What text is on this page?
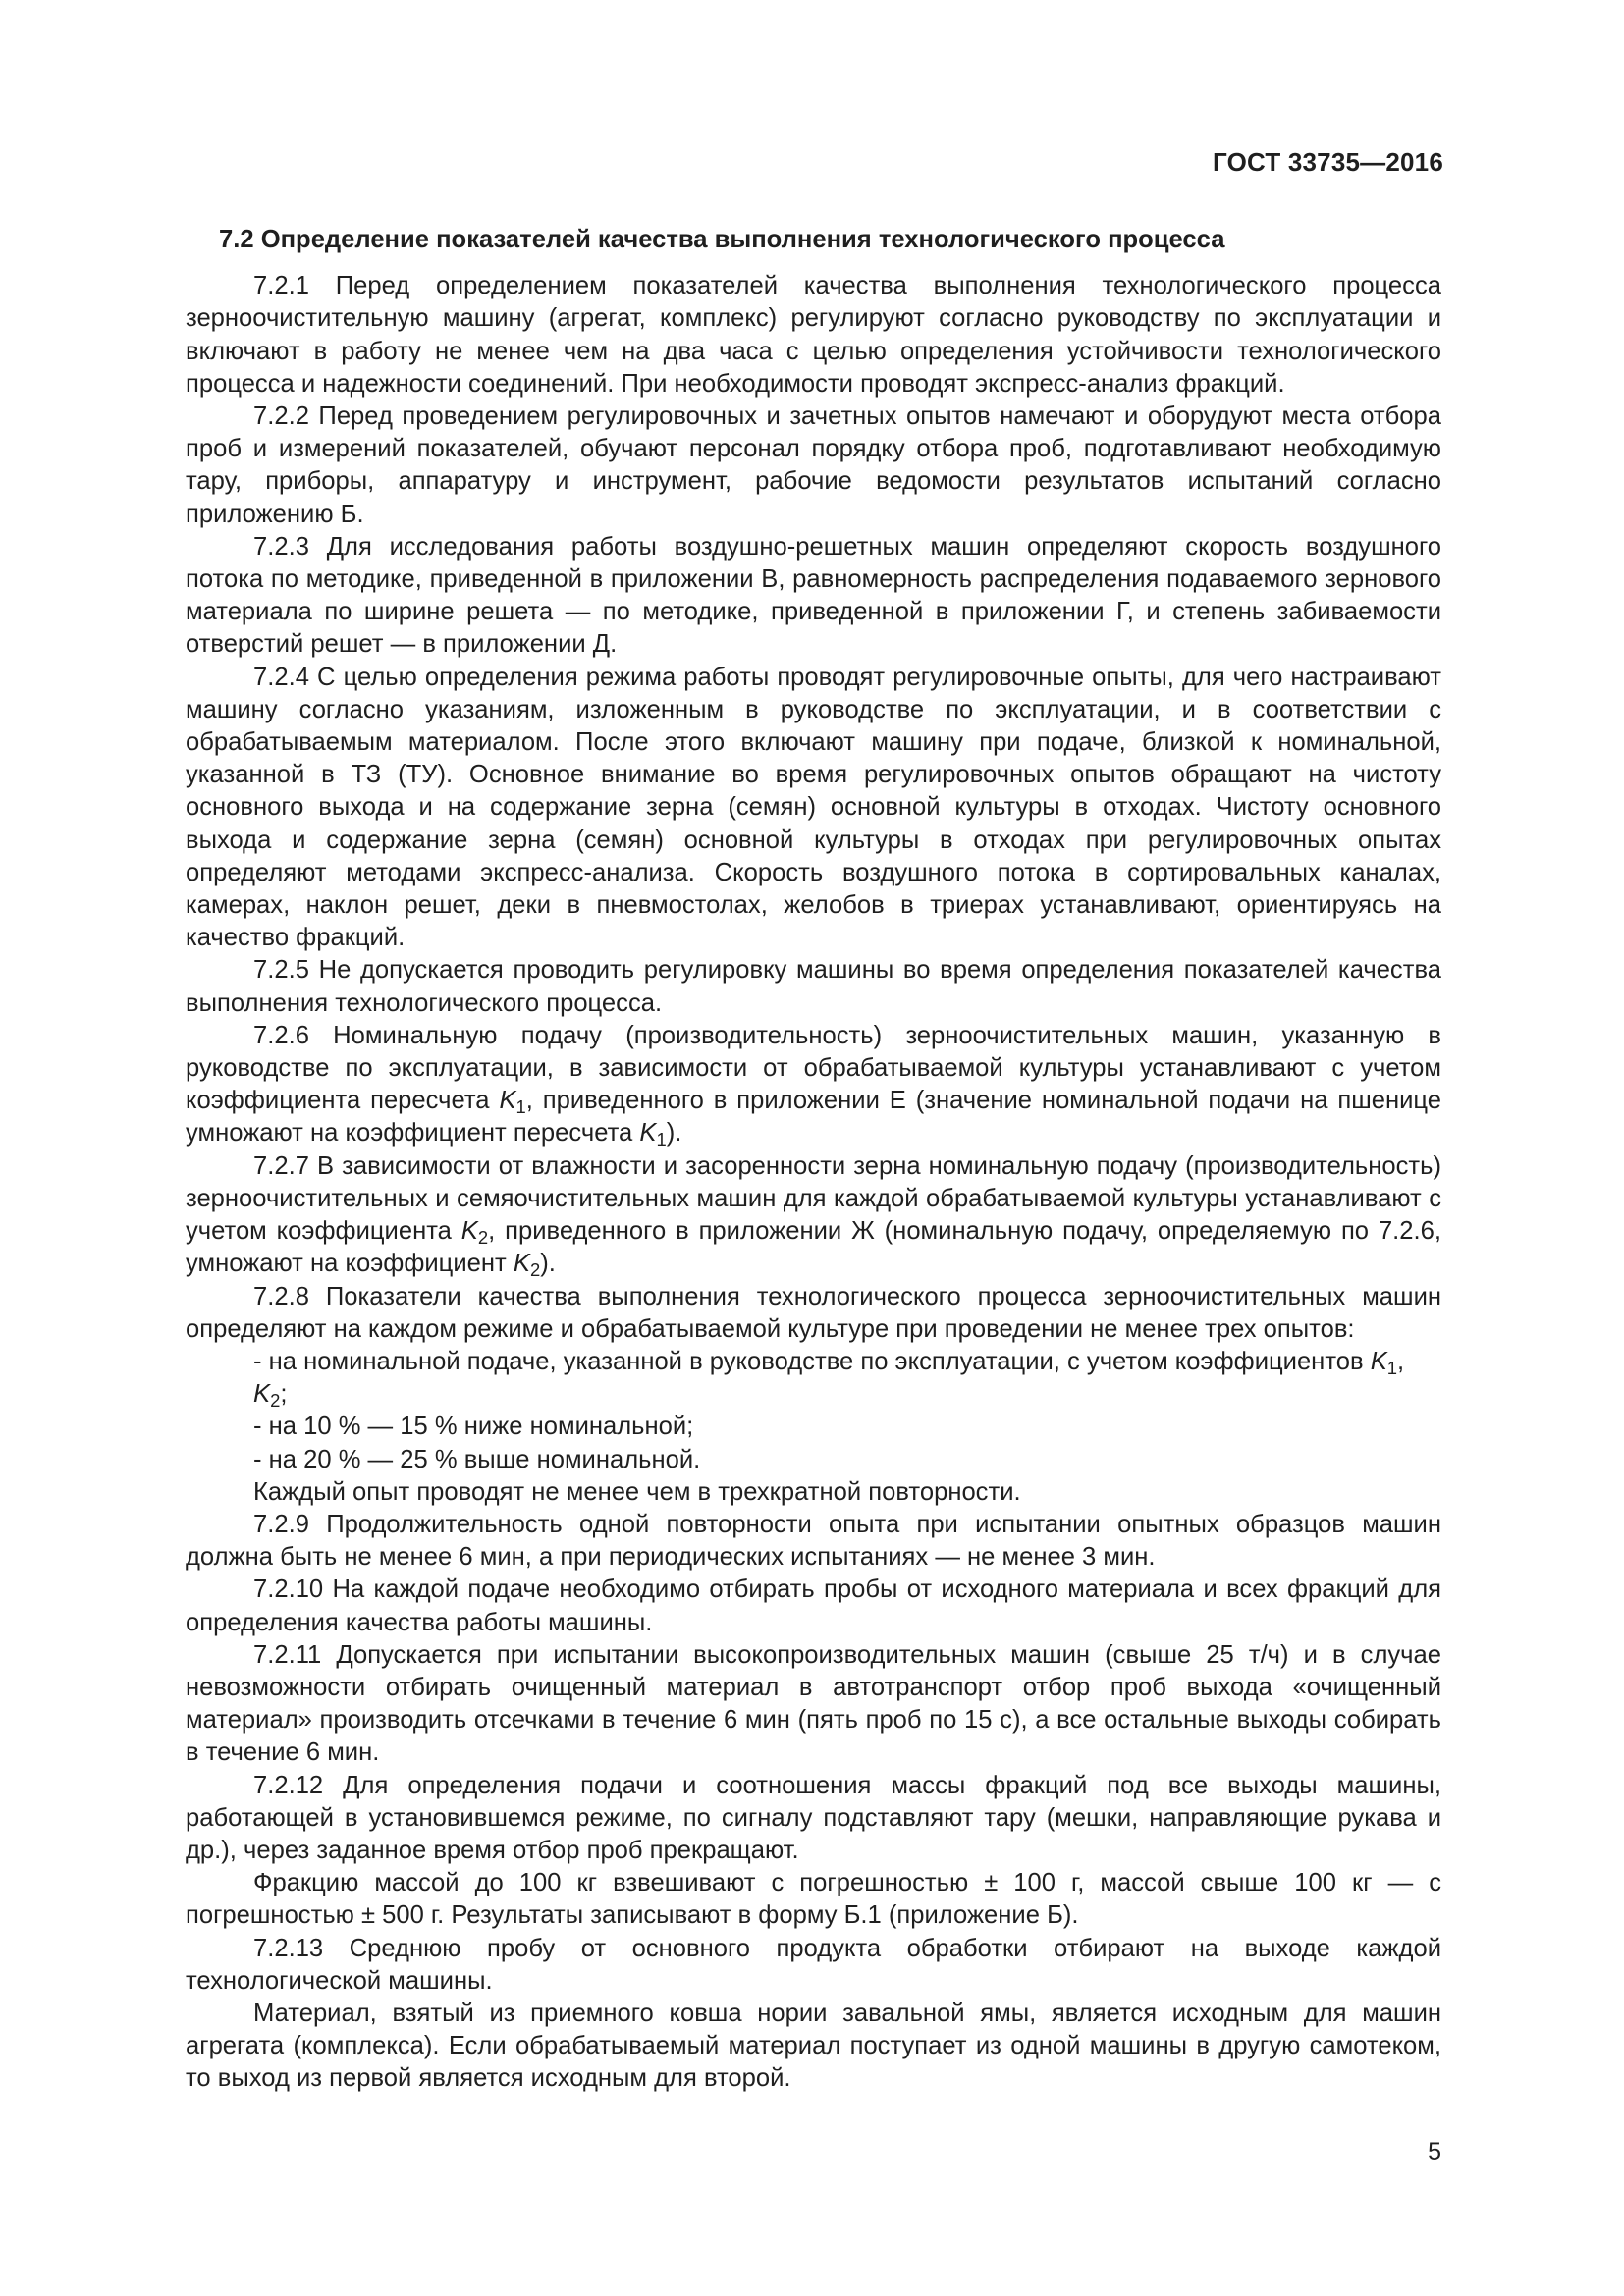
ГОСТ 33735—2016
7.2 Определение показателей качества выполнения технологического процесса

7.2.1 Перед определением показателей качества выполнения технологического процесса зерноочистительную машину (агрегат, комплекс) регулируют согласно руководству по эксплуатации и включают в работу не менее чем на два часа с целью определения устойчивости технологического процесса и надежности соединений. При необходимости проводят экспресс-анализ фракций.

7.2.2 Перед проведением регулировочных и зачетных опытов намечают и оборудуют места отбора проб и измерений показателей, обучают персонал порядку отбора проб, подготавливают необходимую тару, приборы, аппаратуру и инструмент, рабочие ведомости результатов испытаний согласно приложению Б.

7.2.3 Для исследования работы воздушно-решетных машин определяют скорость воздушного потока по методике, приведенной в приложении В, равномерность распределения подаваемого зернового материала по ширине решета — по методике, приведенной в приложении Г, и степень забиваемости отверстий решет — в приложении Д.

7.2.4 С целью определения режима работы проводят регулировочные опыты, для чего настраивают машину согласно указаниям, изложенным в руководстве по эксплуатации, и в соответствии с обрабатываемым материалом. После этого включают машину при подаче, близкой к номинальной, указанной в ТЗ (ТУ). Основное внимание во время регулировочных опытов обращают на чистоту основного выхода и на содержание зерна (семян) основной культуры в отходах. Чистоту основного выхода и содержание зерна (семян) основной культуры в отходах при регулировочных опытах определяют методами экспресс-анализа. Скорость воздушного потока в сортировальных каналах, камерах, наклон решет, деки в пневмостолах, желобов в триерах устанавливают, ориентируясь на качество фракций.

7.2.5 Не допускается проводить регулировку машины во время определения показателей качества выполнения технологического процесса.

7.2.6 Номинальную подачу (производительность) зерноочистительных машин, указанную в руководстве по эксплуатации, в зависимости от обрабатываемой культуры устанавливают с учетом коэффициента пересчета $K_1$, приведенного в приложении Е (значение номинальной подачи на пшенице умножают на коэффициент пересчета $K_1$).

7.2.7 В зависимости от влажности и засоренности зерна номинальную подачу (производительность) зерноочистительных и семяочистительных машин для каждой обрабатываемой культуры устанавливают с учетом коэффициента $K_2$, приведенного в приложении Ж (номинальную подачу, определяемую по 7.2.6, умножают на коэффициент $K_2$).

7.2.8 Показатели качества выполнения технологического процесса зерноочистительных машин определяют на каждом режиме и обрабатываемой культуре при проведении не менее трех опытов:

- на номинальной подаче, указанной в руководстве по эксплуатации, с учетом коэффициентов $K_1$, $K_2$;

- на 10 % — 15 % ниже номинальной;

- на 20 % — 25 % выше номинальной.

Каждый опыт проводят не менее чем в трехкратной повторности.

7.2.9 Продолжительность одной повторности опыта при испытании опытных образцов машин должна быть не менее 6 мин, а при периодических испытаниях — не менее 3 мин.

7.2.10 На каждой подаче необходимо отбирать пробы от исходного материала и всех фракций для определения качества работы машины.

7.2.11 Допускается при испытании высокопроизводительных машин (свыше 25 т/ч) и в случае невозможности отбирать очищенный материал в автотранспорт отбор проб выхода «очищенный материал» производить отсечками в течение 6 мин (пять проб по 15 с), а все остальные выходы собирать в течение 6 мин.

7.2.12 Для определения подачи и соотношения массы фракций под все выходы машины, работающей в установившемся режиме, по сигналу подставляют тару (мешки, направляющие рукава и др.), через заданное время отбор проб прекращают.

Фракцию массой до 100 кг взвешивают с погрешностью ± 100 г, массой свыше 100 кг — с погрешностью ± 500 г. Результаты записывают в форму Б.1 (приложение Б).

7.2.13 Среднюю пробу от основного продукта обработки отбирают на выходе каждой технологической машины.

Материал, взятый из приемного ковша нории завальной ямы, является исходным для машин агрегата (комплекса). Если обрабатываемый материал поступает из одной машины в другую самотеком, то выход из первой является исходным для второй.

5
